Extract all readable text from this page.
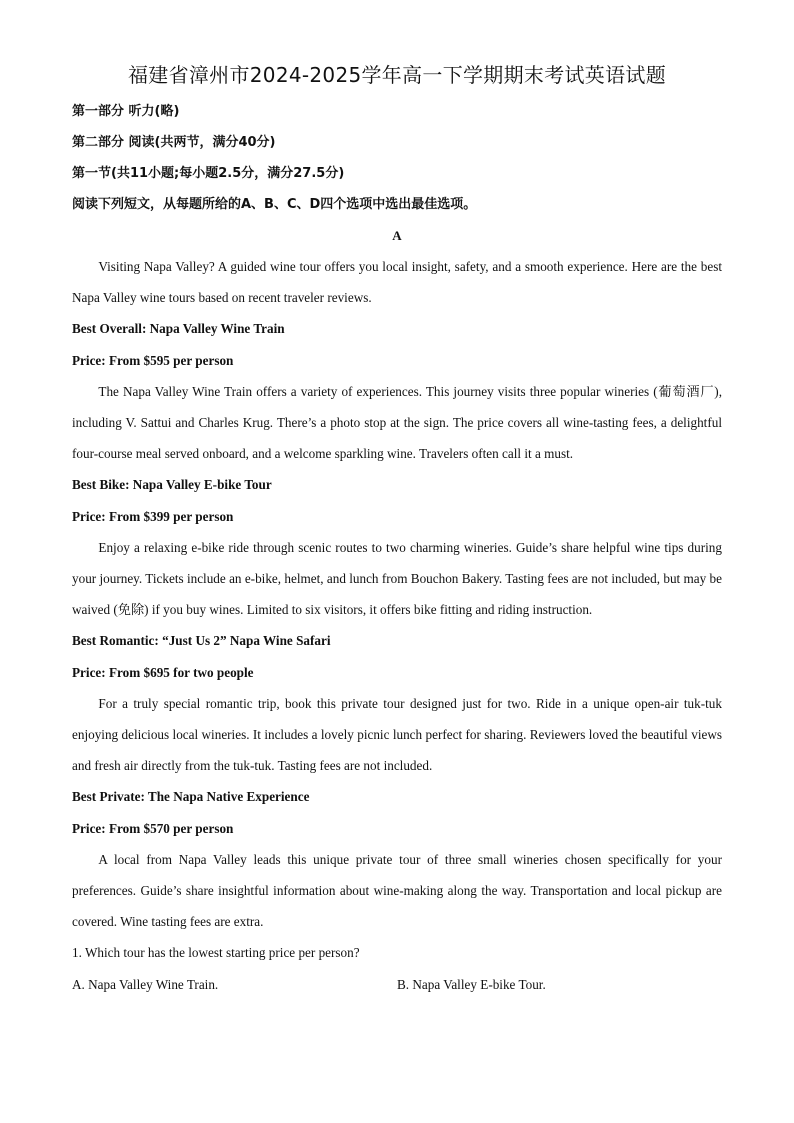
福建省漳州市2024-2025学年高一下学期期末考试英语试题
第一部分 听力(略)
第二部分 阅读(共两节，满分40分)
第一节(共11小题;每小题2.5分，满分27.5分)
阅读下列短文，从每题所给的A、B、C、D四个选项中选出最佳选项。
A

Visiting Napa Valley? A guided wine tour offers you local insight, safety, and a smooth experience. Here are the best Napa Valley wine tours based on recent traveler reviews.

Best Overall: Napa Valley Wine Train
Price: From $595 per person

The Napa Valley Wine Train offers a variety of experiences. This journey visits three popular wineries (葡萄酒厂), including V. Sattui and Charles Krug. There’s a photo stop at the sign. The price covers all wine-tasting fees, a delightful four-course meal served onboard, and a welcome sparkling wine. Travelers often call it a must.

Best Bike: Napa Valley E-bike Tour
Price: From $399 per person

Enjoy a relaxing e-bike ride through scenic routes to two charming wineries. Guide’s share helpful wine tips during your journey. Tickets include an e-bike, helmet, and lunch from Bouchon Bakery. Tasting fees are not included, but may be waived (免除) if you buy wines. Limited to six visitors, it offers bike fitting and riding instruction.

Best Romantic: “Just Us 2” Napa Wine Safari
Price: From $695 for two people

For a truly special romantic trip, book this private tour designed just for two. Ride in a unique open-air tuk-tuk enjoying delicious local wineries. It includes a lovely picnic lunch perfect for sharing. Reviewers loved the beautiful views and fresh air directly from the tuk-tuk. Tasting fees are not included.

Best Private: The Napa Native Experience
Price: From $570 per person

A local from Napa Valley leads this unique private tour of three small wineries chosen specifically for your preferences. Guide’s share insightful information about wine-making along the way. Transportation and local pickup are covered. Wine tasting fees are extra.

1. Which tour has the lowest starting price per person?
A. Napa Valley Wine Train.	B. Napa Valley E-bike Tour.
